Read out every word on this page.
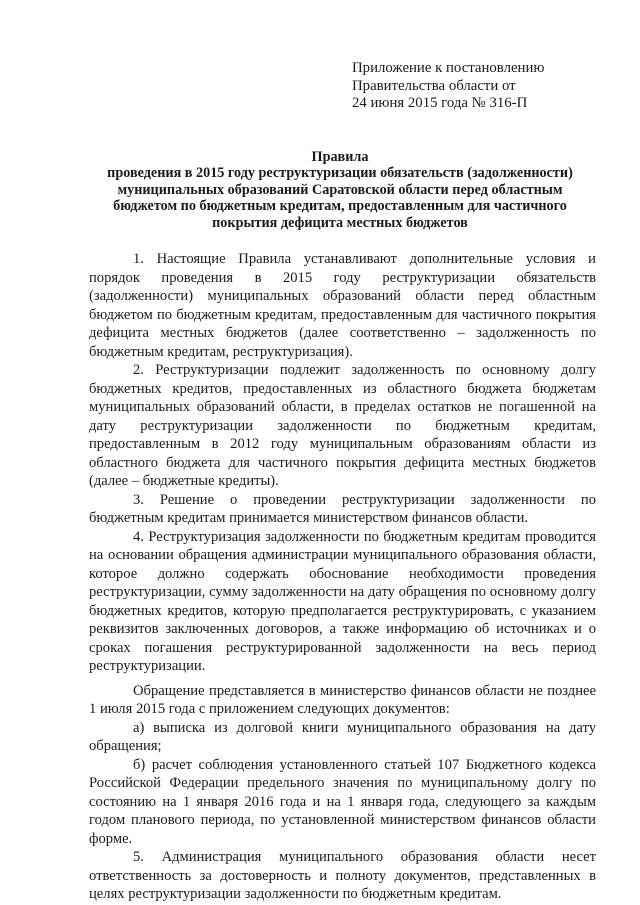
Приложение к постановлению
Правительства области от
24 июня 2015 года № 316-П
Правила
проведения в 2015 году реструктуризации обязательств (задолженности)
муниципальных образований Саратовской области перед областным
бюджетом по бюджетным кредитам, предоставленным для частичного
покрытия дефицита местных бюджетов

1. Настоящие Правила устанавливают дополнительные условия и порядок проведения в 2015 году реструктуризации обязательств (задолженности) муниципальных образований области перед областным бюджетом по бюджетным кредитам, предоставленным для частичного покрытия дефицита местных бюджетов (далее соответственно – задолженность по бюджетным кредитам, реструктуризация).

2. Реструктуризации подлежит задолженность по основному долгу бюджетных кредитов, предоставленных из областного бюджета бюджетам муниципальных образований области, в пределах остатков не погашенной на дату реструктуризации задолженности по бюджетным кредитам, предоставленным в 2012 году муниципальным образованиям области из областного бюджета для частичного покрытия дефицита местных бюджетов (далее – бюджетные кредиты).

3. Решение о проведении реструктуризации задолженности по бюджетным кредитам принимается министерством финансов области.

4. Реструктуризация задолженности по бюджетным кредитам проводится на основании обращения администрации муниципального образования области, которое должно содержать обоснование необходимости проведения реструктуризации, сумму задолженности на дату обращения по основному долгу бюджетных кредитов, которую предполагается реструктурировать, с указанием реквизитов заключенных договоров, а также информацию об источниках и о сроках погашения реструктурированной задолженности на весь период реструктуризации.

Обращение представляется в министерство финансов области не позднее 1 июля 2015 года с приложением следующих документов:

а) выписка из долговой книги муниципального образования на дату обращения;

б) расчет соблюдения установленного статьей 107 Бюджетного кодекса Российской Федерации предельного значения по муниципальному долгу по состоянию на 1 января 2016 года и на 1 января года, следующего за каждым годом планового периода, по установленной министерством финансов области форме.

5. Администрация муниципального образования области несет ответственность за достоверность и полноту документов, представленных в целях реструктуризации задолженности по бюджетным кредитам.
